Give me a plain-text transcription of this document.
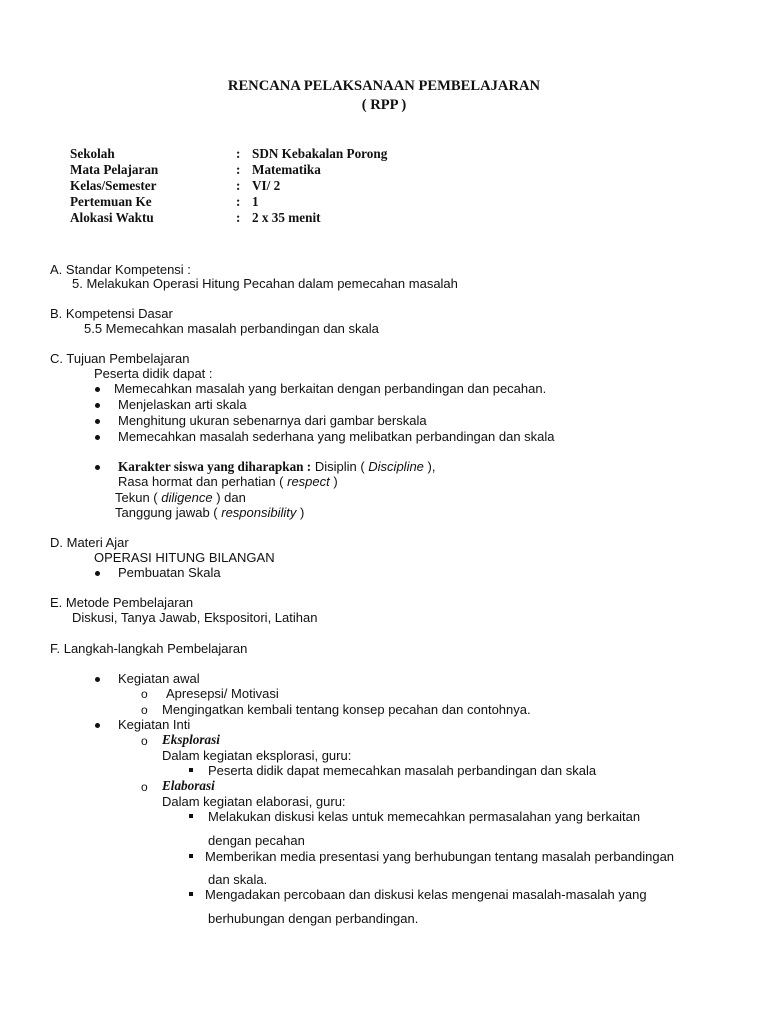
RENCANA PELAKSANAAN PEMBELAJARAN
( RPP )
Sekolah	: SDN Kebakalan Porong
Mata Pelajaran	: Matematika
Kelas/Semester	: VI/ 2
Pertemuan Ke	: 1
Alokasi Waktu	: 2 x 35 menit
A. Standar Kompetensi :
5. Melakukan Operasi Hitung Pecahan dalam pemecahan masalah
B. Kompetensi Dasar
5.5 Memecahkan masalah perbandingan dan skala
C. Tujuan Pembelajaran
Peserta didik dapat :
Memecahkan masalah yang berkaitan dengan perbandingan dan pecahan.
Menjelaskan arti skala
Menghitung ukuran sebenarnya dari gambar berskala
Memecahkan masalah sederhana yang melibatkan perbandingan dan skala
Karakter siswa yang diharapkan : Disiplin ( Discipline ),
Rasa hormat dan perhatian ( respect )
Tekun ( diligence ) dan
Tanggung jawab ( responsibility )
D. Materi Ajar
OPERASI HITUNG BILANGAN
Pembuatan Skala
E. Metode Pembelajaran
Diskusi, Tanya Jawab, Ekspositori, Latihan
F. Langkah-langkah Pembelajaran
Kegiatan awal
o Apresepsi/ Motivasi
o Mengingatkan kembali tentang konsep pecahan dan contohnya.
Kegiatan Inti
o Eksplorasi
Dalam kegiatan eksplorasi, guru:
Peserta didik dapat memecahkan masalah perbandingan dan skala
o Elaborasi
Dalam kegiatan elaborasi, guru:
Melakukan diskusi kelas untuk memecahkan permasalahan yang berkaitan
dengan pecahan
Memberikan media presentasi yang berhubungan tentang masalah perbandingan
dan skala.
Mengadakan percobaan dan diskusi kelas mengenai masalah-masalah yang
berhubungan dengan perbandingan.
